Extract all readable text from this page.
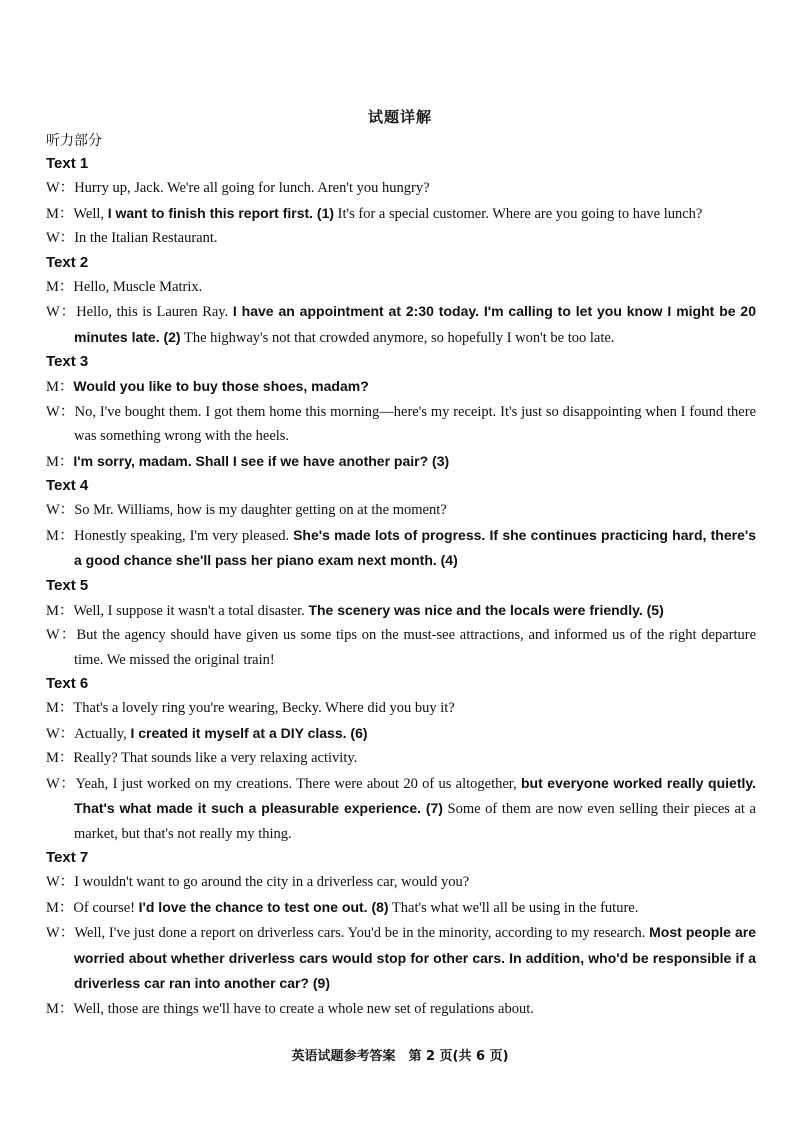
试题详解
听力部分
Text 1
W：Hurry up, Jack. We're all going for lunch. Aren't you hungry?
M：Well, I want to finish this report first. (1) It's for a special customer. Where are you going to have lunch?
W：In the Italian Restaurant.
Text 2
M：Hello, Muscle Matrix.
W：Hello, this is Lauren Ray. I have an appointment at 2:30 today. I'm calling to let you know I might be 20 minutes late. (2) The highway's not that crowded anymore, so hopefully I won't be too late.
Text 3
M：Would you like to buy those shoes, madam?
W：No, I've bought them. I got them home this morning—here's my receipt. It's just so disappointing when I found there was something wrong with the heels.
M：I'm sorry, madam. Shall I see if we have another pair? (3)
Text 4
W：So Mr. Williams, how is my daughter getting on at the moment?
M：Honestly speaking, I'm very pleased. She's made lots of progress. If she continues practicing hard, there's a good chance she'll pass her piano exam next month. (4)
Text 5
M：Well, I suppose it wasn't a total disaster. The scenery was nice and the locals were friendly. (5)
W：But the agency should have given us some tips on the must-see attractions, and informed us of the right departure time. We missed the original train!
Text 6
M：That's a lovely ring you're wearing, Becky. Where did you buy it?
W：Actually, I created it myself at a DIY class. (6)
M：Really? That sounds like a very relaxing activity.
W：Yeah, I just worked on my creations. There were about 20 of us altogether, but everyone worked really quietly. That's what made it such a pleasurable experience. (7) Some of them are now even selling their pieces at a market, but that's not really my thing.
Text 7
W：I wouldn't want to go around the city in a driverless car, would you?
M：Of course! I'd love the chance to test one out. (8) That's what we'll all be using in the future.
W：Well, I've just done a report on driverless cars. You'd be in the minority, according to my research. Most people are worried about whether driverless cars would stop for other cars. In addition, who'd be responsible if a driverless car ran into another car? (9)
M：Well, those are things we'll have to create a whole new set of regulations about.
英语试题参考答案　第 2 页(共 6 页)
